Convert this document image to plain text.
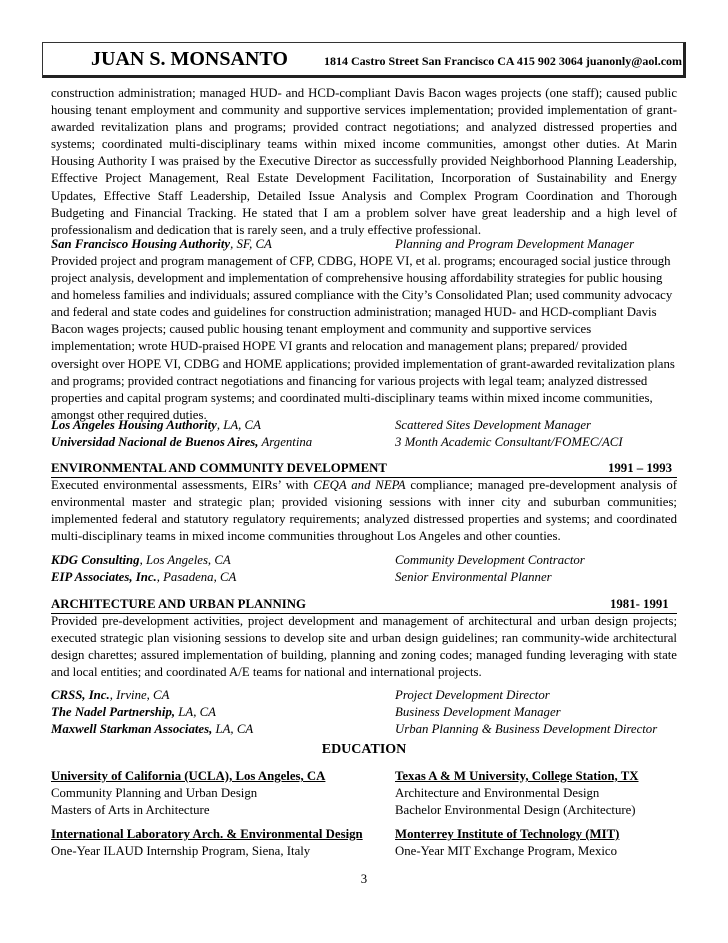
JUAN S. MONSANTO	1814 Castro Street San Francisco CA 415 902 3064 juanonly@aol.com

construction administration; managed HUD- and HCD-compliant Davis Bacon wages projects (one staff); caused public housing tenant employment and community and supportive services implementation; provided implementation of grant-awarded revitalization plans and programs; provided contract negotiations; and analyzed distressed properties and systems; coordinated multi-disciplinary teams within mixed income communities, amongst other duties. At Marin Housing Authority I was praised by the Executive Director as successfully provided Neighborhood Planning Leadership, Effective Project Management, Real Estate Development Facilitation, Incorporation of Sustainability and Energy Updates, Effective Staff Leadership, Detailed Issue Analysis and Complex Program Coordination and Thorough Budgeting and Financial Tracking. He stated that I am a problem solver have great leadership and a high level of professionalism and dedication that is rarely seen, and a truly effective professional.

San Francisco Housing Authority, SF, CA	Planning and Program Development Manager

Provided project and program management of CFP, CDBG, HOPE VI, et al. programs; encouraged social justice through project analysis, development and implementation of comprehensive housing affordability strategies for public housing and homeless families and individuals; assured compliance with the City’s Consolidated Plan; used community advocacy and federal and state codes and guidelines for construction administration; managed HUD- and HCD-compliant Davis Bacon wages projects; caused public housing tenant employment and community and supportive services implementation; wrote HUD-praised HOPE VI grants and relocation and management plans; prepared/ provided oversight over HOPE VI, CDBG and HOME applications; provided implementation of grant-awarded revitalization plans and programs; provided contract negotiations and financing for various projects with legal team; analyzed distressed properties and capital program systems; and coordinated multi-disciplinary teams within mixed income communities, amongst other required duties.

Los Angeles Housing Authority, LA, CA	Scattered Sites Development Manager
Universidad Nacional de Buenos Aires, Argentina	3 Month Academic Consultant/FOMEC/ACI
ENVIRONMENTAL AND COMMUNITY DEVELOPMENT	1991 – 1993

Executed environmental assessments, EIRs’ with CEQA and NEPA compliance; managed pre-development analysis of environmental master and strategic plan; provided visioning sessions with inner city and suburban communities; implemented federal and statutory regulatory requirements; analyzed distressed properties and systems; and coordinated multi-disciplinary teams in mixed income communities throughout Los Angeles and other counties.

KDG Consulting, Los Angeles, CA	Community Development Contractor
EIP Associates, Inc., Pasadena, CA	Senior Environmental Planner
ARCHITECTURE AND URBAN PLANNING	1981- 1991

Provided pre-development activities, project development and management of architectural and urban design projects; executed strategic plan visioning sessions to develop site and urban design guidelines; ran community-wide architectural design charettes; assured implementation of building, planning and zoning codes; managed funding leveraging with state and local entities; and coordinated A/E teams for national and international projects.

CRSS, Inc., Irvine, CA	Project Development Director
The Nadel Partnership, LA, CA	Business Development Manager
Maxwell Starkman Associates, LA, CA	Urban Planning & Business Development Director
EDUCATION
University of California (UCLA), Los Angeles, CA	Texas A & M University, College Station, TX
Community Planning and Urban Design	Architecture and Environmental Design
Masters of Arts in Architecture	Bachelor Environmental Design (Architecture)
International Laboratory Arch. & Environmental Design	Monterrey Institute of Technology (MIT)
One-Year ILAUD Internship Program, Siena, Italy	One-Year MIT Exchange Program, Mexico
3
